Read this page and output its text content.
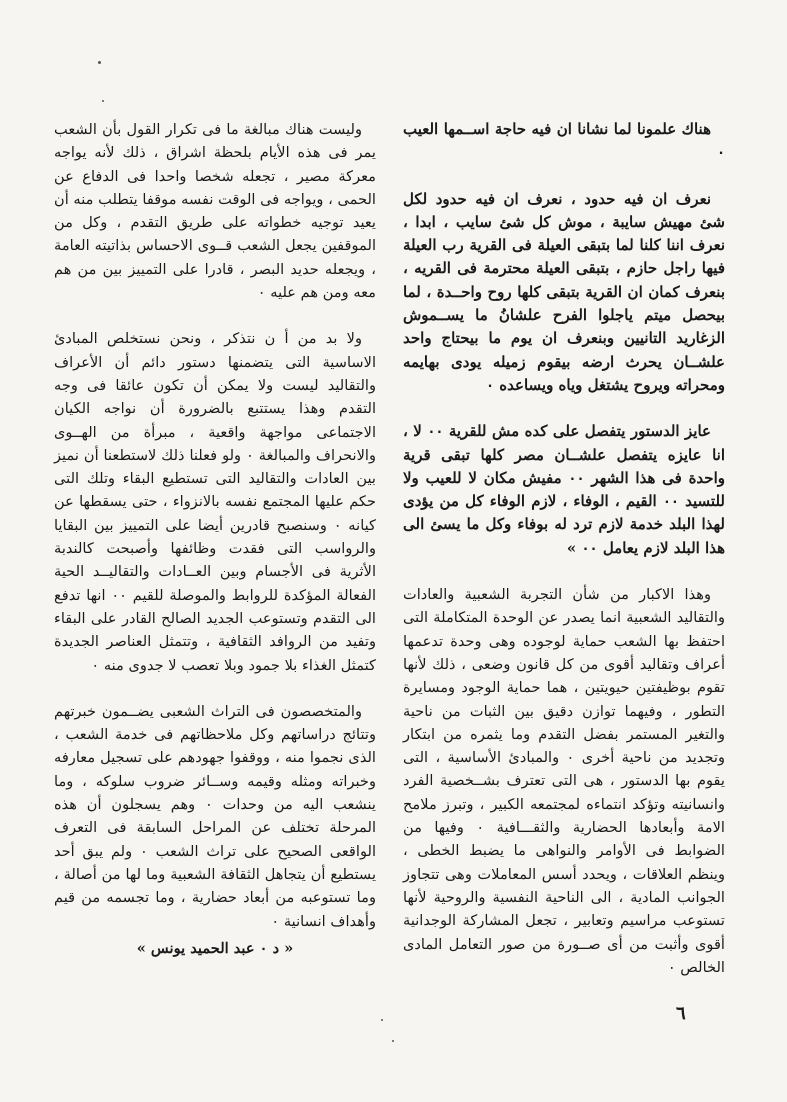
هناك علمونا لما نشانا ان فيه حاجة اســمها العيب ٠

نعرف ان فيه حدود ، نعرف ان فيه حدود لكل شئ مهيش سايبة ، موش كل شئ سايب ، ابدا ، نعرف اننا كلنا لما بتبقى العيلة فى القرية رب العيلة فيها راجل حازم ، بتبقى العيلة محترمة فى القريه ، بنعرف كمان ان القرية بتبقى كلها روح واحــدة ، لما بيحصل ميتم ياجلوا الفرح علشانُ ما يســموش الزغاريد التانيين وبنعرف ان يوم ما بيحتاج واحد علشــان يحرث ارضه بيقوم زميله يودى بهايمه ومحراته ويروح يشتغل وياه ويساعده ٠

عايز الدستور يتفصل على كده مش للقرية ٠٠ لا ، انا عايزه يتفصل علشــان مصر كلها تبقى قرية واحدة فى هذا الشهر ٠٠ مفيش مكان لا للعيب ولا للتسيد ٠٠ القيم ، الوفاء ، لازم الوفاء كل من يؤدى لهذا البلد خدمة لازم ترد له بوفاء وكل ما يسئ الى هذا البلد لازم يعامل ٠٠ »

وهذا الاكبار من شأن التجربة الشعبية والعادات والتقاليد الشعبية انما يصدر عن الوحدة المتكاملة التى احتفظ بها الشعب حماية لوجوده وهى وحدة تدعمها أعراف وتقاليد أقوى من كل قانون وضعى ، ذلك لأنها تقوم بوظيفتين حيويتين ، هما حماية الوجود ومسايرة التطور ، وفيهما توازن دقيق بين الثبات من ناحية والتغير المستمر بفضل التقدم وما يثمره من ابتكار وتجديد من ناحية أخرى ٠ والمبادئ الأساسية ، التى يقوم بها الدستور ، هى التى تعترف بشــخصية الفرد وانسانيته وتؤكد انتماءه لمجتمعه الكبير ، وتبرز ملامح الامة وأبعادها الحضارية والثقـــافية ٠ وفيها من الضوابط فى الأوامر والنواهى ما يضبط الخطى ، وينظم العلاقات ، ويحدد أسس المعاملات وهى تتجاوز الجوانب المادية ، الى الناحية النفسية والروحية لأنها تستوعب مراسيم وتعابير ، تجعل المشاركة الوجدانية أقوى وأثبت من أى صــورة من صور التعامل المادى الخالص ٠

وليست هناك مبالغة ما فى تكرار القول بأن الشعب يمر فى هذه الأيام بلحظة اشراق ، ذلك لأنه يواجه معركة مصير ، تجعله شخصا واحدا فى الدفاع عن الحمى ، ويواجه فى الوقت نفسه موقفا يتطلب منه أن يعيد توجيه خطواته على طريق التقدم ، وكل من الموقفين يجعل الشعب قــوى الاحساس بذاتيته العامة ، ويجعله حديد البصر ، قادرا على التمييز بين من هم معه ومن هم عليه ٠

ولا بد من أ ن نتذكر ، ونحن نستخلص المبادئ الاساسية التى يتضمنها دستور دائم أن الأعراف والتقاليد ليست ولا يمكن أن تكون عائقا فى وجه التقدم وهذا يستتبع بالضرورة أن نواجه الكيان الاجتماعى مواجهة واقعية ، مبرأة من الهــوى والانحراف والمبالغة ٠ ولو فعلنا ذلك لاستطعنا أن نميز بين العادات والتقاليد التى تستطيع البقاء وتلك التى حكم عليها المجتمع نفسه بالانزواء ، حتى يسقطها عن كيانه ٠ وسنصبح قادرين أيضا على التمييز بين البقايا والرواسب التى فقدت وظائفها وأصبحت كالندبة الأثرية فى الأجسام وبين العــادات والتقاليــد الحية الفعالة المؤكدة للروابط والموصلة للقيم ٠٠ انها تدفع الى التقدم وتستوعب الجديد الصالح القادر على البقاء وتفيد من الروافد الثقافية ، وتتمثل العناصر الجديدة كتمثل الغذاء بلا جمود وبلا تعصب لا جدوى منه ٠

والمتخصصون فى التراث الشعبى يضــمون خبرتهم وتتائج دراساتهم وكل ملاحظاتهم فى خدمة الشعب ، الذى نجموا منه ، ووقفوا جهودهم على تسجيل معارفه وخبراته ومثله وقيمه وســائر ضروب سلوكه ، وما ينشعب اليه من وحدات ٠ وهم يسجلون أن هذه المرحلة تختلف عن المراحل السابقة فى التعرف الواقعى الصحيح على تراث الشعب ٠ ولم يبق أحد يستطيع أن يتجاهل الثقافة الشعبية وما لها من أصالة ، وما تستوعبه من أبعاد حضارية ، وما تجسمه من قيم وأهداف انسانية ٠

« د ٠ عبد الحميد يونس »
٦
